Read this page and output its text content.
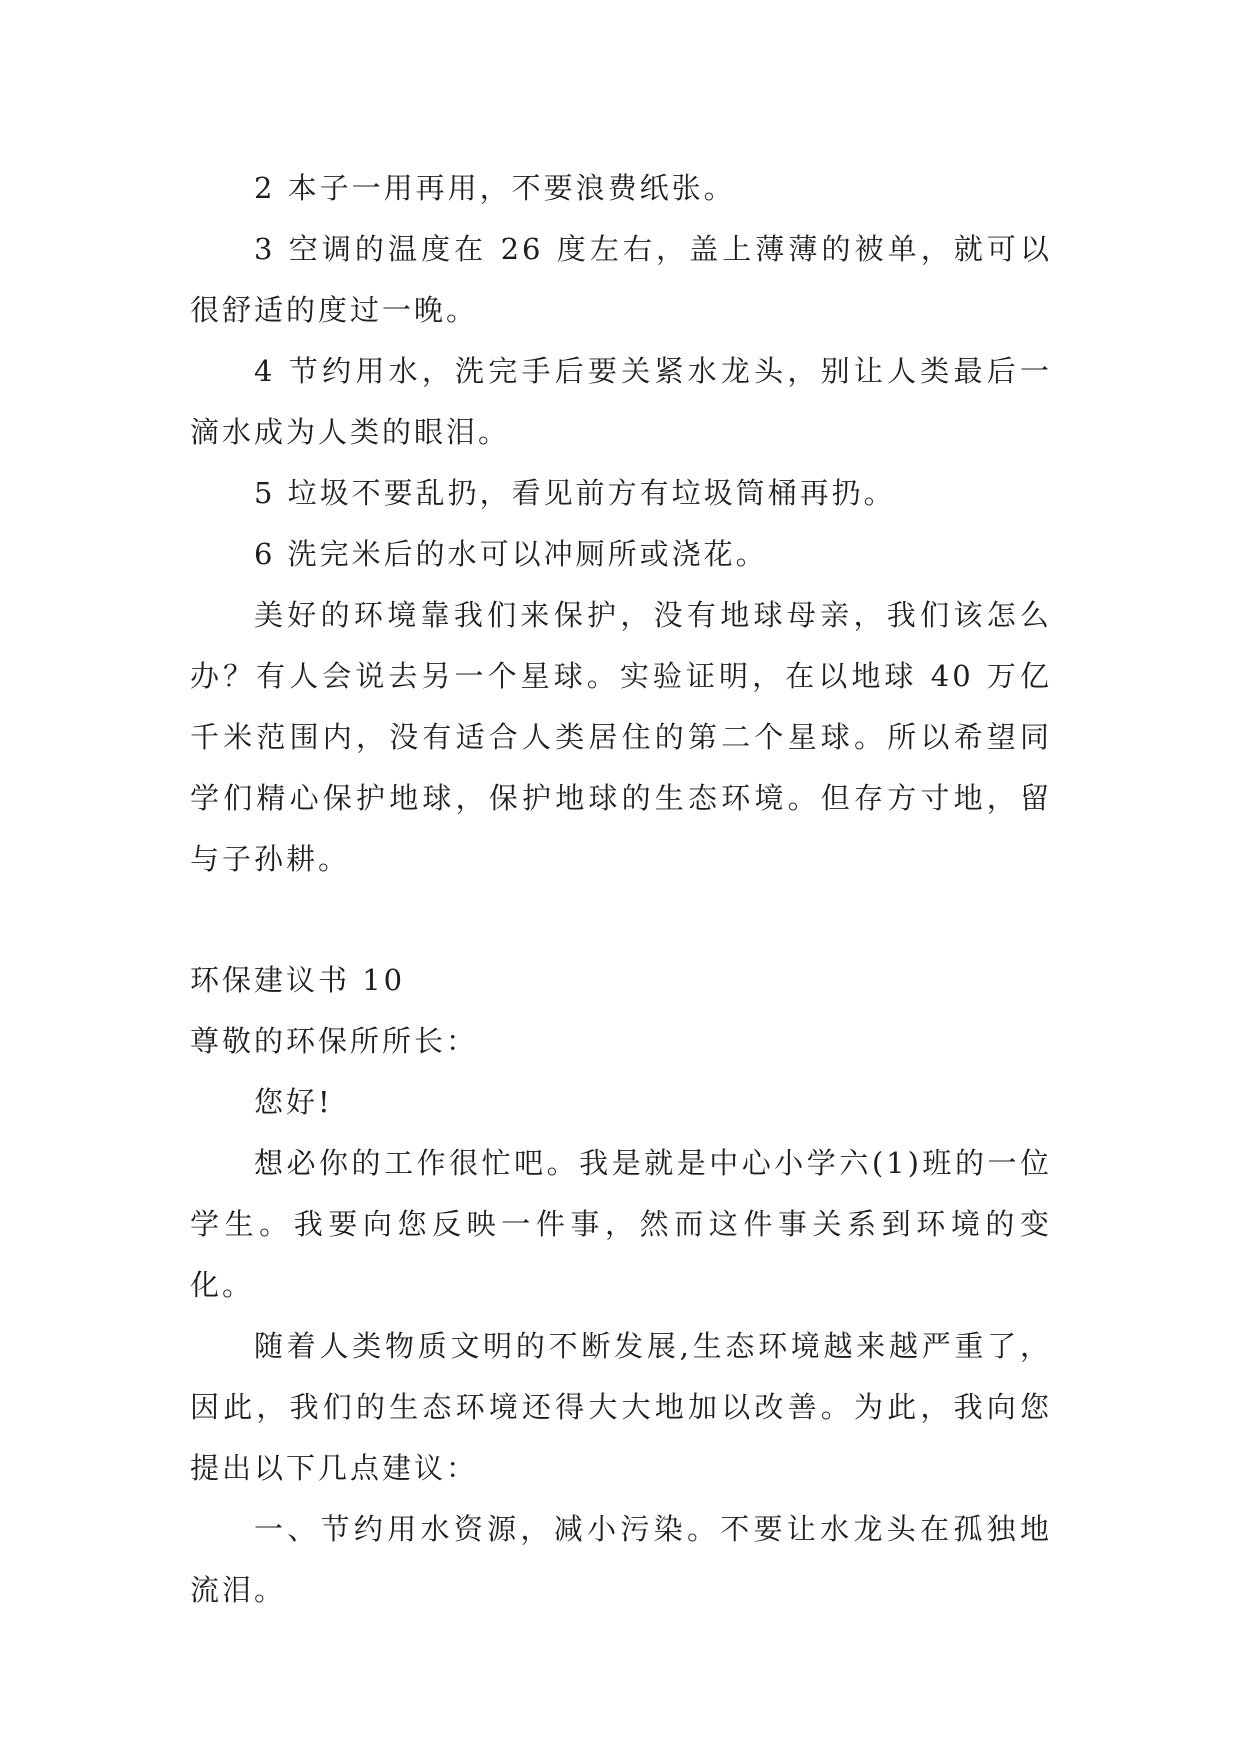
2 本子一用再用，不要浪费纸张。

3 空调的温度在 26 度左右，盖上薄薄的被单，就可以很舒适的度过一晚。

4 节约用水，洗完手后要关紧水龙头，别让人类最后一滴水成为人类的眼泪。

5 垃圾不要乱扔，看见前方有垃圾筒桶再扔。

6 洗完米后的水可以冲厕所或浇花。

美好的环境靠我们来保护，没有地球母亲，我们该怎么办？有人会说去另一个星球。实验证明，在以地球 40 万亿千米范围内，没有适合人类居住的第二个星球。所以希望同学们精心保护地球，保护地球的生态环境。但存方寸地，留与子孙耕。

环保建议书 10

尊敬的环保所所长：

您好!

想必你的工作很忙吧。我是就是中心小学六(1)班的一位学生。我要向您反映一件事，然而这件事关系到环境的变化。

随着人类物质文明的不断发展,生态环境越来越严重了，因此，我们的生态环境还得大大地加以改善。为此，我向您提出以下几点建议：

一、节约用水资源，减小污染。不要让水龙头在孤独地流泪。
